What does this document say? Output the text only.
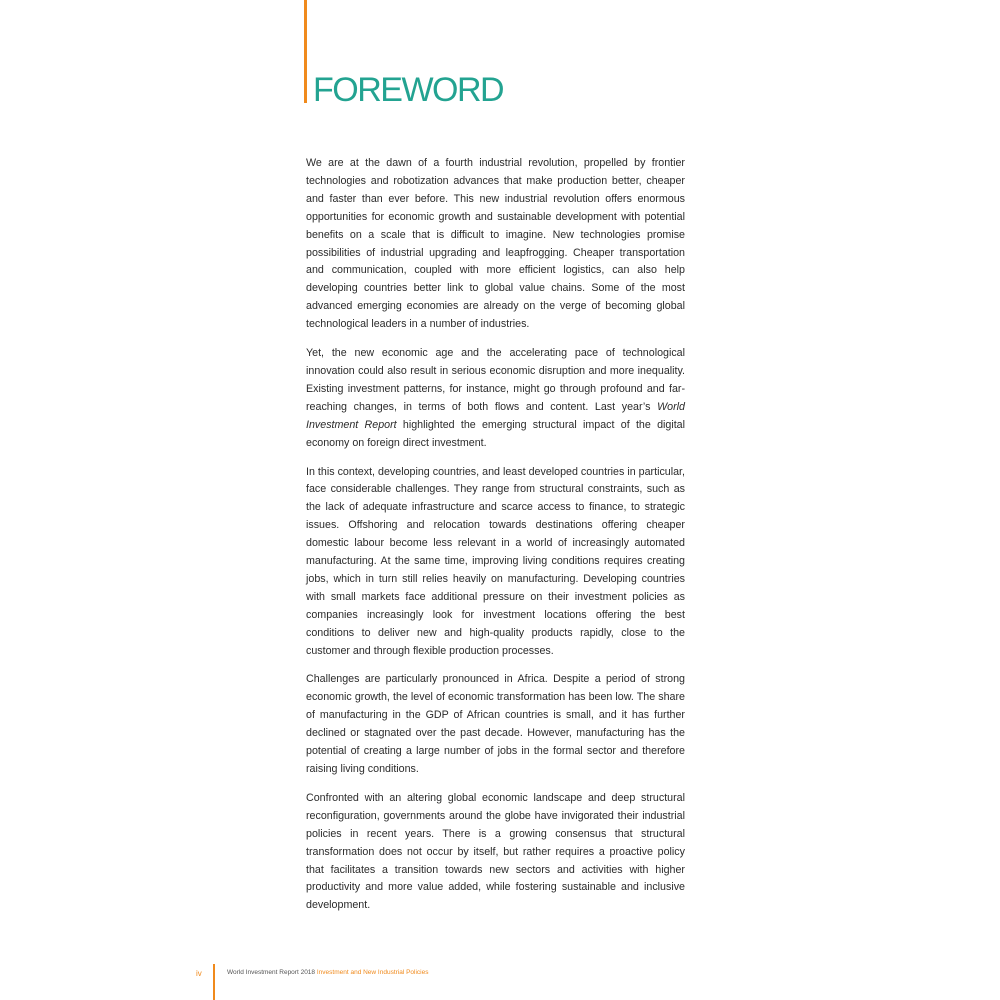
FOREWORD

We are at the dawn of a fourth industrial revolution, propelled by frontier technologies and robotization advances that make production better, cheaper and faster than ever before. This new industrial revolution offers enormous opportunities for economic growth and sustainable development with potential benefits on a scale that is difficult to imagine. New technologies promise possibilities of industrial upgrading and leapfrogging. Cheaper transportation and communication, coupled with more efficient logistics, can also help developing countries better link to global value chains. Some of the most advanced emerging economies are already on the verge of becoming global technological leaders in a number of industries.

Yet, the new economic age and the accelerating pace of technological innovation could also result in serious economic disruption and more inequality. Existing investment patterns, for instance, might go through profound and far-reaching changes, in terms of both flows and content. Last year’s World Investment Report highlighted the emerging structural impact of the digital economy on foreign direct investment.

In this context, developing countries, and least developed countries in particular, face considerable challenges. They range from structural constraints, such as the lack of adequate infrastructure and scarce access to finance, to strategic issues. Offshoring and relocation towards destinations offering cheaper domestic labour become less relevant in a world of increasingly automated manufacturing. At the same time, improving living conditions requires creating jobs, which in turn still relies heavily on manufacturing. Developing countries with small markets face additional pressure on their investment policies as companies increasingly look for investment locations offering the best conditions to deliver new and high-quality products rapidly, close to the customer and through flexible production processes.

Challenges are particularly pronounced in Africa. Despite a period of strong economic growth, the level of economic transformation has been low. The share of manufacturing in the GDP of African countries is small, and it has further declined or stagnated over the past decade. However, manufacturing has the potential of creating a large number of jobs in the formal sector and therefore raising living conditions.

Confronted with an altering global economic landscape and deep structural reconfiguration, governments around the globe have invigorated their industrial policies in recent years. There is a growing consensus that structural transformation does not occur by itself, but rather requires a proactive policy that facilitates a transition towards new sectors and activities with higher productivity and more value added, while fostering sustainable and inclusive development.

iv	World Investment Report 2018 Investment and New Industrial Policies
